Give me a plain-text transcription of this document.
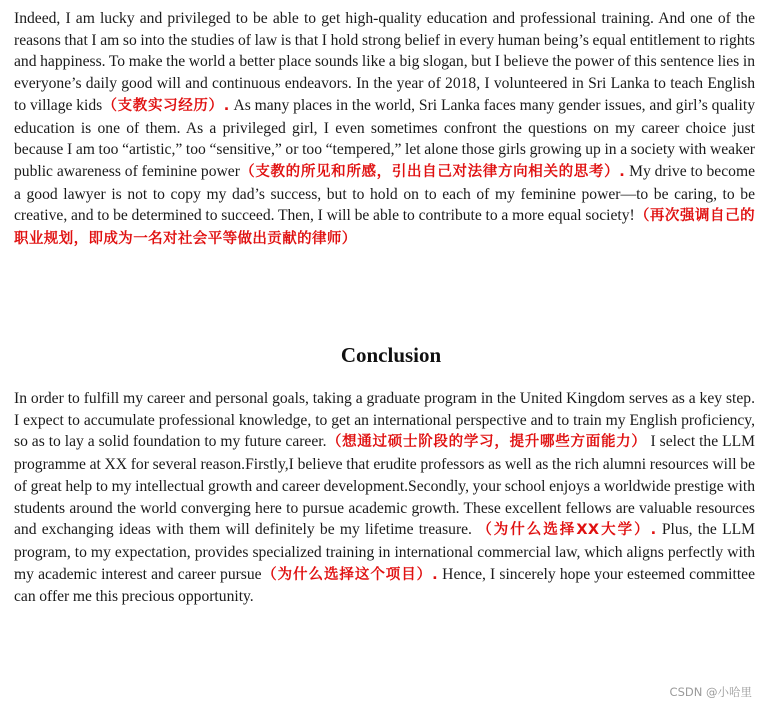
Indeed, I am lucky and privileged to be able to get high-quality education and professional training. And one of the reasons that I am so into the studies of law is that I hold strong belief in every human being’s equal entitlement to rights and happiness. To make the world a better place sounds like a big slogan, but I believe the power of this sentence lies in everyone’s daily good will and continuous endeavors. In the year of 2018, I volunteered in Sri Lanka to teach English to village kids（支教实习经历）. As many places in the world, Sri Lanka faces many gender issues, and girl’s quality education is one of them. As a privileged girl, I even sometimes confront the questions on my career choice just because I am too “artistic,” too “sensitive,” or too “tempered,” let alone those girls growing up in a society with weaker public awareness of feminine power（支教的所见和所感，引出自己对法律方向相关的思考）. My drive to become a good lawyer is not to copy my dad’s success, but to hold on to each of my feminine power—to be caring, to be creative, and to be determined to succeed. Then, I will be able to contribute to a more equal society!（再次强调自己的职业规划，即成为一名对社会平等做出贡献的律师）

Conclusion

In order to fulfill my career and personal goals, taking a graduate program in the United Kingdom serves as a key step. I expect to accumulate professional knowledge, to get an international perspective and to train my English proficiency, so as to lay a solid foundation to my future career.（想通过硕士阶段的学习，提升哪些方面能力） I select the LLM programme at XX for several reason.Firstly,I believe that erudite professors as well as the rich alumni resources will be of great help to my intellectual growth and career development.Secondly, your school enjoys a worldwide prestige with students around the world converging here to pursue academic growth. These excellent fellows are valuable resources and exchanging ideas with them will definitely be my lifetime treasure. （为什么选择XX大学）. Plus, the LLM program, to my expectation, provides specialized training in international commercial law, which aligns perfectly with my academic interest and career pursue（为什么选择这个项目）. Hence, I sincerely hope your esteemed committee can offer me this precious opportunity.

CSDN @小哈里
